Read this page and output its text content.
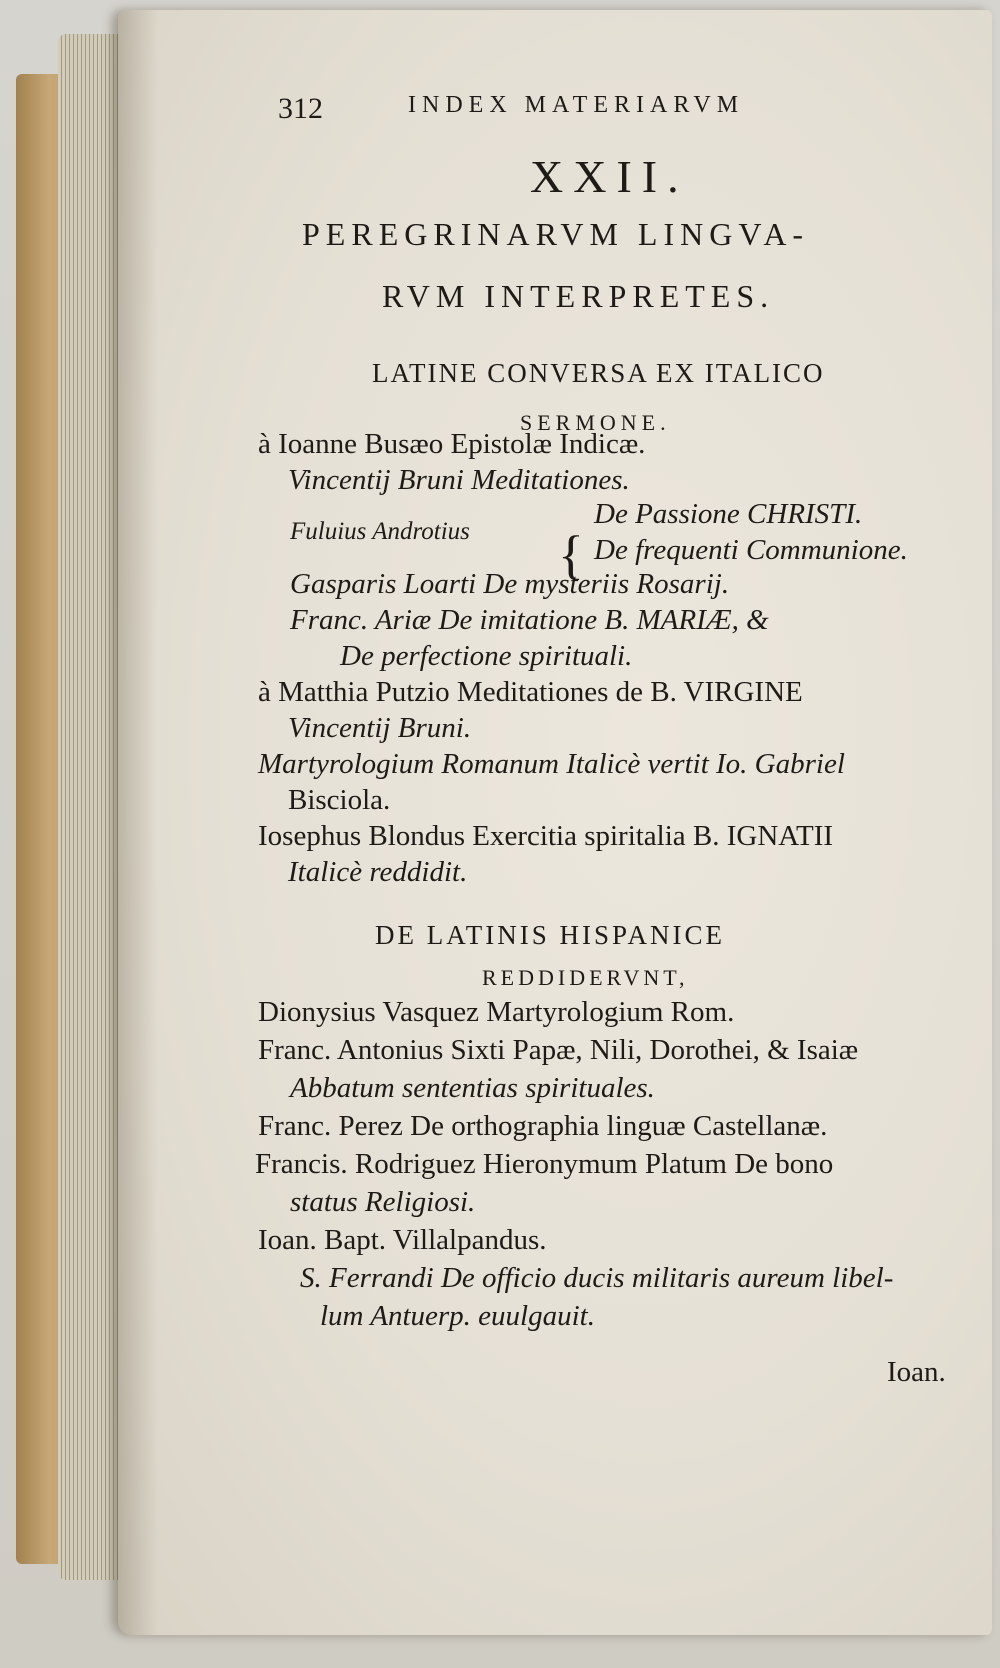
312	INDEX MATERIARVM
XXII.
PEREGRINARVM LINGVA-
RVM INTERPRETES.
LATINE CONVERSA EX ITALICO
SERMONE.
à Ioanne Busæo Epistolæ Indicæ.
Vincentij Bruni Meditationes.
Fuluius Androtius {
De Passione CHRISTI.
De frequenti Communione.
Gasparis Loarti De mysteriis Rosarij.
Franc. Ariæ De imitatione B. MARIÆ, &
De perfectione spirituali.
à Matthia Putzio Meditationes de B. VIRGINE
Vincentij Bruni.
Martyrologium Romanum Italicè vertit Io. Gabriel
Bisciola.
Iosephus Blondus Exercitia spiritalia B. IGNATII
Italicè reddidit.
DE LATINIS HISPANICE
REDDIDERVNT,
Dionysius Vasquez Martyrologium Rom.
Franc. Antonius Sixti Papæ, Nili, Dorothei, & Isaiæ
Abbatum sententias spirituales.
Franc. Perez De orthographia linguæ Castellanæ.
Francis. Rodriguez Hieronymum Platum De bono
status Religiosi.
Ioan. Bapt. Villalpandus.
S. Ferrandi De officio ducis militaris aureum libel-
lum Antuerp. euulgauit.
Ioan.
